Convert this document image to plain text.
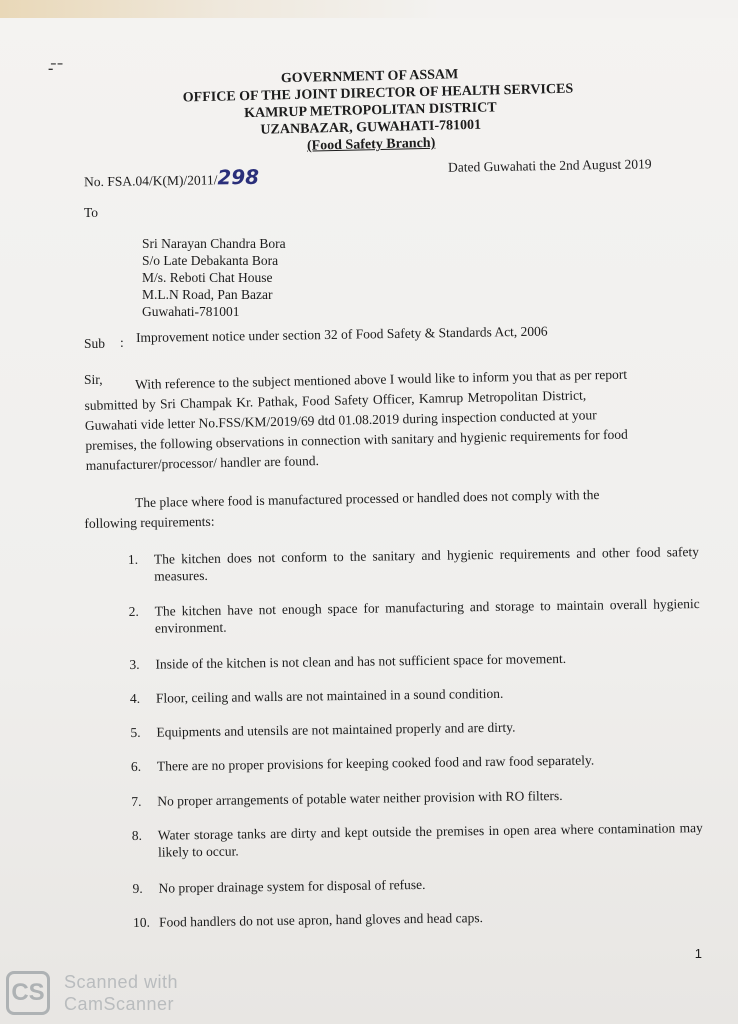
-̄ ˉ	GOVERNMENT OF ASSAM
OFFICE OF THE JOINT DIRECTOR OF HEALTH SERVICES
KAMRUP METROPOLITAN DISTRICT
UZANBAZAR, GUWAHATI-781001
(Food Safety Branch)
No. FSA.04/K(M)/2011/298	Dated Guwahati the 2nd August 2019
To
Sri Narayan Chandra Bora
S/o Late Debakanta Bora
M/s. Reboti Chat House
M.L.N Road, Pan Bazar
Guwahati-781001
Sub : Improvement notice under section 32 of Food Safety & Standards Act, 2006
Sir, With reference to the subject mentioned above I would like to inform you that as per report
submitted by Sri Champak Kr. Pathak, Food Safety Officer, Kamrup Metropolitan District,
Guwahati vide letter No.FSS/KM/2019/69 dtd 01.08.2019 during inspection conducted at your
premises, the following observations in connection with sanitary and hygienic requirements for food
manufacturer/processor/ handler are found.
The place where food is manufactured processed or handled does not comply with the
following requirements:
1.	The kitchen does not conform to the sanitary and hygienic requirements and other food safety measures.
2.	The kitchen have not enough space for manufacturing and storage to maintain overall hygienic environment.
3.	Inside of the kitchen is not clean and has not sufficient space for movement.
4.	Floor, ceiling and walls are not maintained in a sound condition.
5.	Equipments and utensils are not maintained properly and are dirty.
6.	There are no proper provisions for keeping cooked food and raw food separately.
7.	No proper arrangements of potable water neither provision with RO filters.
8.	Water storage tanks are dirty and kept outside the premises in open area where contamination may likely to occur.
9.	No proper drainage system for disposal of refuse.
10. Food handlers do not use apron, hand gloves and head caps.
1
CS Scanned with
CamScanner
